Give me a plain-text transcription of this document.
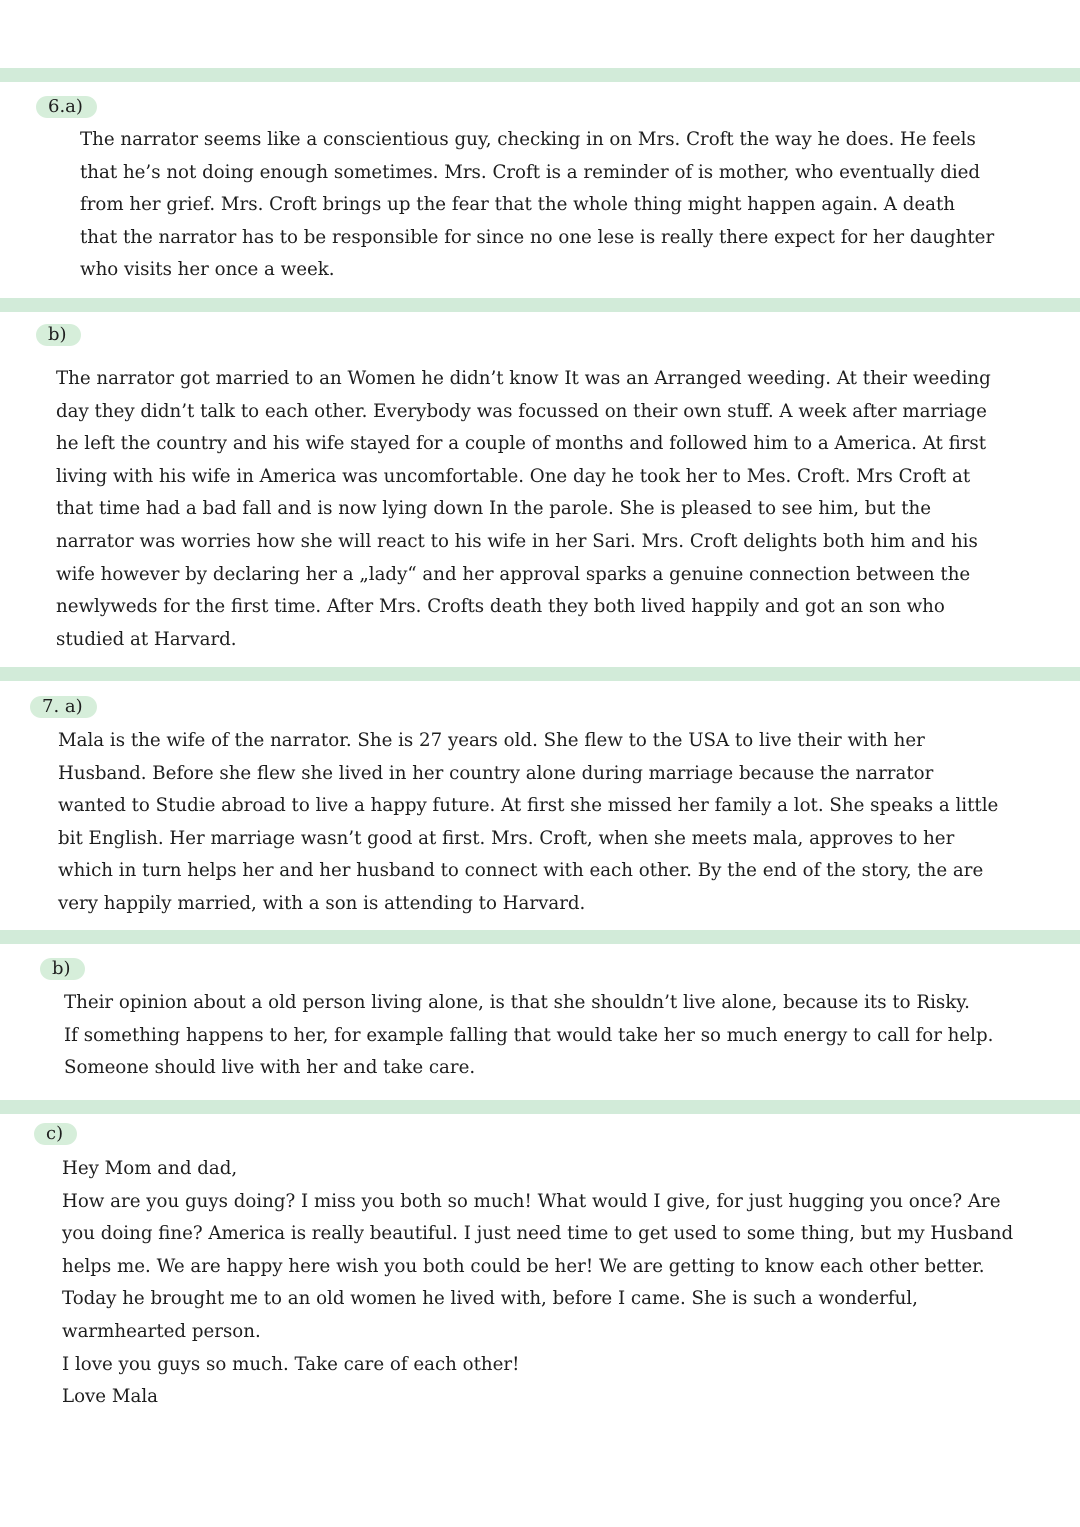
6.a)
The narrator seems like a conscientious guy, checking in on Mrs. Croft the way he does. He feels
that he’s not doing enough sometimes. Mrs. Croft is a reminder of is mother, who eventually died
from her grief. Mrs. Croft brings up the fear that the whole thing might happen again. A death
that the narrator has to be responsible for since no one lese is really there expect for her daughter
who visits her once a week.
b)
The narrator got married to an Women he didn’t know It was an Arranged weeding. At their weeding
day they didn’t talk to each other. Everybody was focussed on their own stuff. A week after marriage
he left the country and his wife stayed for a couple of months and followed him to a America. At first
living with his wife in America was uncomfortable. One day he took her to Mes. Croft. Mrs Croft at
that time had a bad fall and is now lying down In the parole. She is pleased to see him, but the
narrator was worries how she will react to his wife in her Sari. Mrs. Croft delights both him and his
wife however by declaring her a „lady“ and her approval sparks a genuine connection between the
newlyweds for the first time. After Mrs. Crofts death they both lived happily and got an son who
studied at Harvard.
7. a)
Mala is the wife of the narrator. She is 27 years old. She flew to the USA to live their with her
Husband. Before she flew she lived in her country alone during marriage because the narrator
wanted to Studie abroad to live a happy future. At first she missed her family a lot. She speaks a little
bit English. Her marriage wasn’t good at first. Mrs. Croft, when she meets mala, approves to her
which in turn helps her and her husband to connect with each other. By the end of the story, the are
very happily married, with a son is attending to Harvard.
b)
Their opinion about a old person living alone, is that she shouldn’t live alone, because its to Risky.
If something happens to her, for example falling that would take her so much energy to call for help.
Someone should live with her and take care.
c)
Hey Mom and dad,
How are you guys doing? I miss you both so much! What would I give, for just hugging you once? Are
you doing fine? America is really beautiful. I just need time to get used to some thing, but my Husband
helps me. We are happy here wish you both could be her! We are getting to know each other better.
Today he brought me to an old women he lived with, before I came. She is such a wonderful,
warmhearted person.
I love you guys so much. Take care of each other!
Love Mala
